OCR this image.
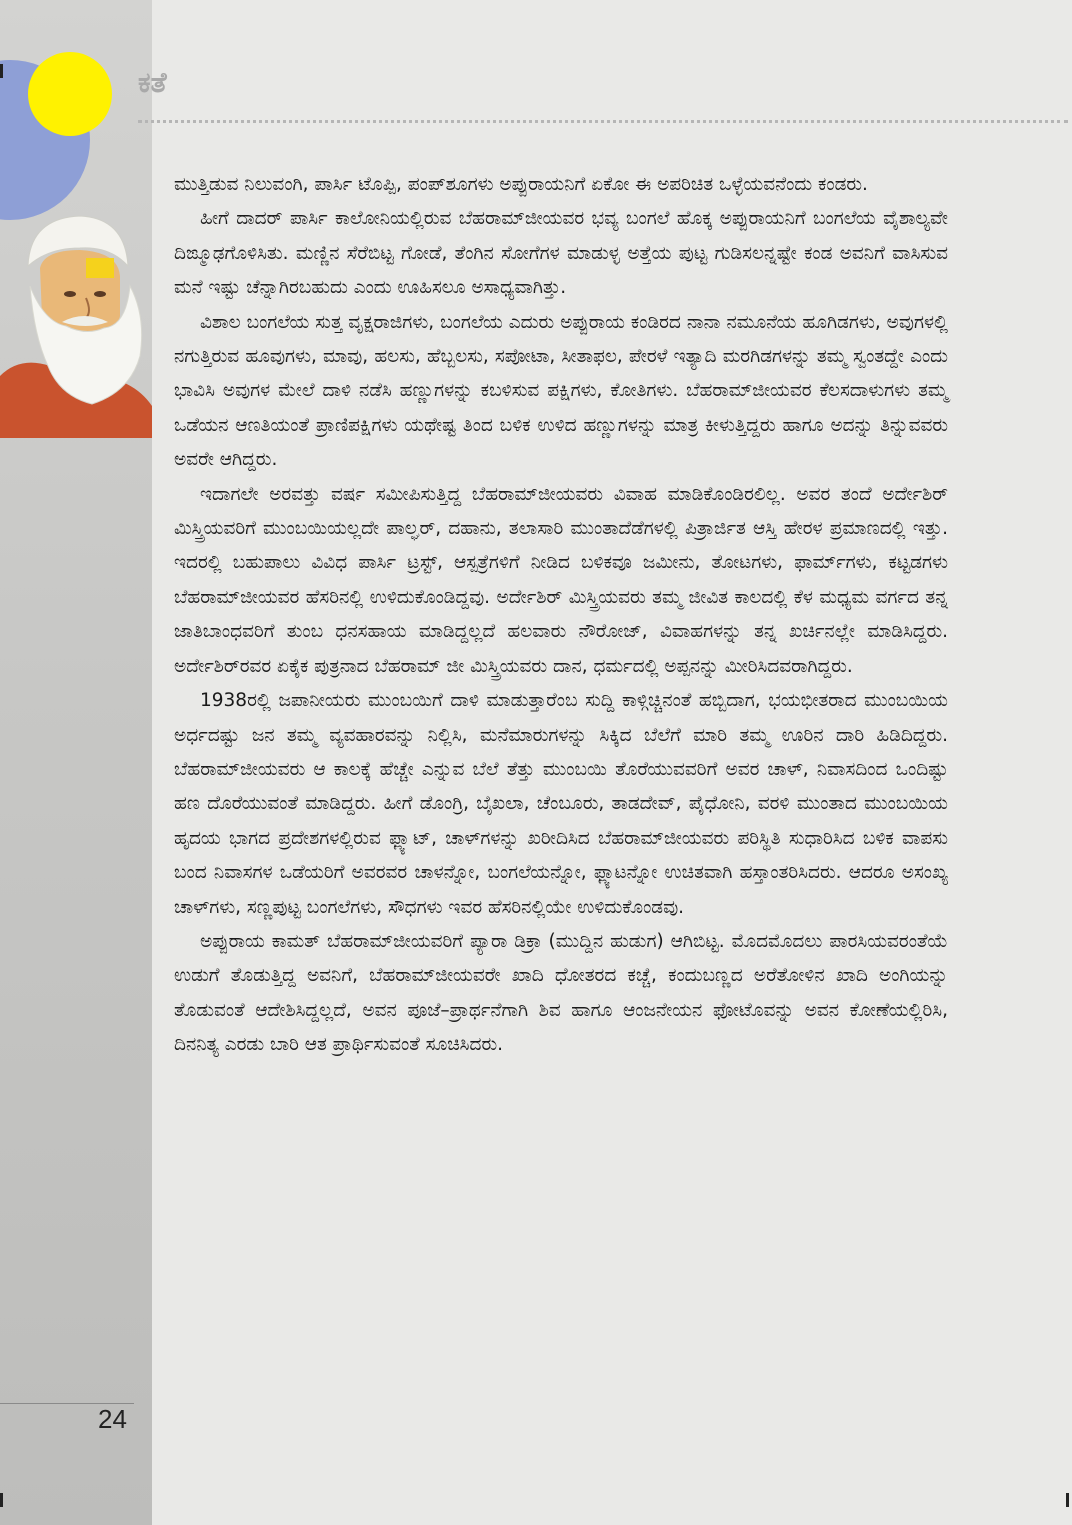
ಕತೆ

ಮುತ್ತಿಡುವ ನಿಲುವಂಗಿ, ಪಾರ್ಸಿ ಟೊಪ್ಪಿ, ಪಂಪ್‌ಶೂಗಳು ಅಪ್ಪುರಾಯನಿಗೆ ಏಕೋ ಈ ಅಪರಿಚಿತ ಒಳ್ಳೆಯವನೆಂದು ಕಂಡರು.

ಹೀಗೆ ದಾದರ್ ಪಾರ್ಸಿ ಕಾಲೋನಿಯಲ್ಲಿರುವ ಬೆಹರಾಮ್‌ಜೀಯವರ ಭವ್ಯ ಬಂಗಲೆ ಹೊಕ್ಕ ಅಪ್ಪುರಾಯನಿಗೆ ಬಂಗಲೆಯ ವೈಶಾಲ್ಯವೇ ದಿಙ್ಮೂಢಗೊಳಿಸಿತು. ಮಣ್ಣಿನ ಸೆರೆಬಿಟ್ಟ ಗೋಡೆ, ತೆಂಗಿನ ಸೋಗೆಗಳ ಮಾಡುಳ್ಳ ಅತ್ತೆಯ ಪುಟ್ಟ ಗುಡಿಸಲನ್ನಷ್ಟೇ ಕಂಡ ಅವನಿಗೆ ವಾಸಿಸುವ ಮನೆ ಇಷ್ಟು ಚೆನ್ನಾಗಿರಬಹುದು ಎಂದು ಊಹಿಸಲೂ ಅಸಾಧ್ಯವಾಗಿತ್ತು.

ವಿಶಾಲ ಬಂಗಲೆಯ ಸುತ್ತ ವೃಕ್ಷರಾಜಿಗಳು, ಬಂಗಲೆಯ ಎದುರು ಅಪ್ಪುರಾಯ ಕಂಡಿರದ ನಾನಾ ನಮೂನೆಯ ಹೂಗಿಡಗಳು, ಅವುಗಳಲ್ಲಿ ನಗುತ್ತಿರುವ ಹೂವುಗಳು, ಮಾವು, ಹಲಸು, ಹೆಬ್ಬಲಸು, ಸಪೋಟಾ, ಸೀತಾಫಲ, ಪೇರಳೆ ಇತ್ಯಾದಿ ಮರಗಿಡಗಳನ್ನು ತಮ್ಮ ಸ್ವಂತದ್ದೇ ಎಂದು ಭಾವಿಸಿ ಅವುಗಳ ಮೇಲೆ ದಾಳಿ ನಡೆಸಿ ಹಣ್ಣುಗಳನ್ನು ಕಬಳಿಸುವ ಪಕ್ಷಿಗಳು, ಕೋತಿಗಳು. ಬೆಹರಾಮ್‌ಜೀಯವರ ಕೆಲಸದಾಳುಗಳು ತಮ್ಮ ಒಡೆಯನ ಆಣತಿಯಂತೆ ಪ್ರಾಣಿಪಕ್ಷಿಗಳು ಯಥೇಷ್ಟ ತಿಂದ ಬಳಿಕ ಉಳಿದ ಹಣ್ಣುಗಳನ್ನು ಮಾತ್ರ ಕೀಳುತ್ತಿದ್ದರು ಹಾಗೂ ಅದನ್ನು ತಿನ್ನುವವರು ಅವರೇ ಆಗಿದ್ದರು.

ಇದಾಗಲೇ ಅರವತ್ತು ವರ್ಷ ಸಮೀಪಿಸುತ್ತಿದ್ದ ಬೆಹರಾಮ್‌ಜೀಯವರು ವಿವಾಹ ಮಾಡಿಕೊಂಡಿರಲಿಲ್ಲ. ಅವರ ತಂದೆ ಅರ್ದೇಶಿರ್ ಮಿಸ್ತ್ರಿಯವರಿಗೆ ಮುಂಬಯಿಯಲ್ಲದೇ ಪಾಲ್ಘರ್, ದಹಾನು, ತಲಾಸಾರಿ ಮುಂತಾದೆಡೆಗಳಲ್ಲಿ ಪಿತ್ರಾರ್ಜಿತ ಆಸ್ತಿ ಹೇರಳ ಪ್ರಮಾಣದಲ್ಲಿ ಇತ್ತು. ಇದರಲ್ಲಿ ಬಹುಪಾಲು ವಿವಿಧ ಪಾರ್ಸಿ ಟ್ರಸ್ಟ್, ಆಸ್ಪತ್ರೆಗಳಿಗೆ ನೀಡಿದ ಬಳಿಕವೂ ಜಮೀನು, ತೋಟಗಳು, ಫಾರ್ಮ್‌ಗಳು, ಕಟ್ಟಡಗಳು ಬೆಹರಾಮ್‌ಜೀಯವರ ಹೆಸರಿನಲ್ಲಿ ಉಳಿದುಕೊಂಡಿದ್ದವು. ಅರ್ದೇಶಿರ್ ಮಿಸ್ತ್ರಿಯವರು ತಮ್ಮ ಜೀವಿತ ಕಾಲದಲ್ಲಿ ಕೆಳ ಮಧ್ಯಮ ವರ್ಗದ ತನ್ನ ಜಾತಿಬಾಂಧವರಿಗೆ ತುಂಬ ಧನಸಹಾಯ ಮಾಡಿದ್ದಲ್ಲದೆ ಹಲವಾರು ನೌರೋಜ್, ವಿವಾಹಗಳನ್ನು ತನ್ನ ಖರ್ಚಿನಲ್ಲೇ ಮಾಡಿಸಿದ್ದರು. ಅರ್ದೇಶಿರ್‌ರವರ ಏಕೈಕ ಪುತ್ರನಾದ ಬೆಹರಾಮ್ ಜೀ ಮಿಸ್ತ್ರಿಯವರು ದಾನ, ಧರ್ಮದಲ್ಲಿ ಅಪ್ಪನನ್ನು ಮೀರಿಸಿದವರಾಗಿದ್ದರು.

1938ರಲ್ಲಿ ಜಪಾನೀಯರು ಮುಂಬಯಿಗೆ ದಾಳಿ ಮಾಡುತ್ತಾರೆಂಬ ಸುದ್ದಿ ಕಾಳ್ಗಿಚ್ಚಿನಂತೆ ಹಬ್ಬಿದಾಗ, ಭಯಭೀತರಾದ ಮುಂಬಯಿಯ ಅರ್ಧದಷ್ಟು ಜನ ತಮ್ಮ ವ್ಯವಹಾರವನ್ನು ನಿಲ್ಲಿಸಿ, ಮನೆಮಾರುಗಳನ್ನು ಸಿಕ್ಕಿದ ಬೆಲೆಗೆ ಮಾರಿ ತಮ್ಮ ಊರಿನ ದಾರಿ ಹಿಡಿದಿದ್ದರು. ಬೆಹರಾಮ್‌ಜೀಯವರು ಆ ಕಾಲಕ್ಕೆ ಹೆಚ್ಚೇ ಎನ್ನುವ ಬೆಲೆ ತೆತ್ತು ಮುಂಬಯಿ ತೊರೆಯುವವರಿಗೆ ಅವರ ಚಾಳ್, ನಿವಾಸದಿಂದ ಒಂದಿಷ್ಟು ಹಣ ದೊರೆಯುವಂತೆ ಮಾಡಿದ್ದರು. ಹೀಗೆ ಡೊಂಗ್ರಿ, ಬೈಖಲಾ, ಚೆಂಬೂರು, ತಾಡದೇವ್, ಪೈಧೋನಿ, ವರಳಿ ಮುಂತಾದ ಮುಂಬಯಿಯ ಹೃದಯ ಭಾಗದ ಪ್ರದೇಶಗಳಲ್ಲಿರುವ ಫ್ಲ್ಯಾಟ್, ಚಾಳ್‌ಗಳನ್ನು ಖರೀದಿಸಿದ ಬೆಹರಾಮ್‌ಜೀಯವರು ಪರಿಸ್ಥಿತಿ ಸುಧಾರಿಸಿದ ಬಳಿಕ ವಾಪಸು ಬಂದ ನಿವಾಸಗಳ ಒಡೆಯರಿಗೆ ಅವರವರ ಚಾಳನ್ನೋ, ಬಂಗಲೆಯನ್ನೋ, ಫ್ಲ್ಯಾಟನ್ನೋ ಉಚಿತವಾಗಿ ಹಸ್ತಾಂತರಿಸಿದರು. ಆದರೂ ಅಸಂಖ್ಯ ಚಾಳ್‌ಗಳು, ಸಣ್ಣಪುಟ್ಟ ಬಂಗಲೆಗಳು, ಸೌಧಗಳು ಇವರ ಹೆಸರಿನಲ್ಲಿಯೇ ಉಳಿದುಕೊಂಡವು.

ಅಪ್ಪುರಾಯ ಕಾಮತ್ ಬೆಹರಾಮ್‌ಜೀಯವರಿಗೆ ಪ್ಯಾರಾ ಡಿಕ್ರಾ (ಮುದ್ದಿನ ಹುಡುಗ) ಆಗಿಬಿಟ್ಟ. ಮೊದಮೊದಲು ಪಾರಸಿಯವರಂತೆಯೆ ಉಡುಗೆ ತೊಡುತ್ತಿದ್ದ ಅವನಿಗೆ, ಬೆಹರಾಮ್‌ಜೀಯವರೇ ಖಾದಿ ಧೋತರದ ಕಚ್ಚೆ, ಕಂದುಬಣ್ಣದ ಅರೆತೋಳಿನ ಖಾದಿ ಅಂಗಿಯನ್ನು ತೊಡುವಂತೆ ಆದೇಶಿಸಿದ್ದಲ್ಲದೆ, ಅವನ ಪೂಜೆ–ಪ್ರಾರ್ಥನೆಗಾಗಿ ಶಿವ ಹಾಗೂ ಆಂಜನೇಯನ ಫೋಟೊವನ್ನು ಅವನ ಕೋಣೆಯಲ್ಲಿರಿಸಿ, ದಿನನಿತ್ಯ ಎರಡು ಬಾರಿ ಆತ ಪ್ರಾರ್ಥಿಸುವಂತೆ ಸೂಚಿಸಿದರು.

24
